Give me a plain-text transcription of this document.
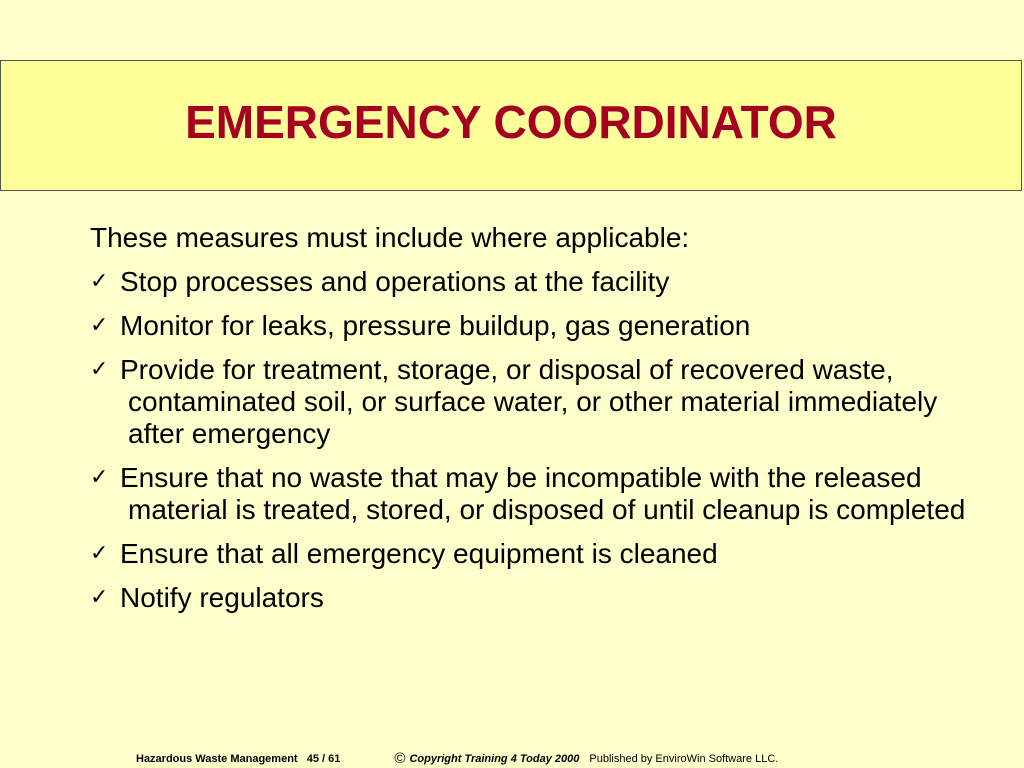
EMERGENCY COORDINATOR
These measures must include where applicable:
✓ Stop processes and operations at the facility
✓ Monitor for leaks, pressure buildup, gas generation
✓ Provide for treatment, storage, or disposal of recovered waste, contaminated soil, or surface water, or other material immediately after emergency
✓ Ensure that no waste that may be incompatible with the released material is treated, stored, or disposed of until cleanup is completed
✓ Ensure that all emergency equipment is cleaned
✓ Notify regulators
Hazardous Waste Management 45 / 61	© Copyright Training 4 Today 2000 Published by EnviroWin Software LLC.
